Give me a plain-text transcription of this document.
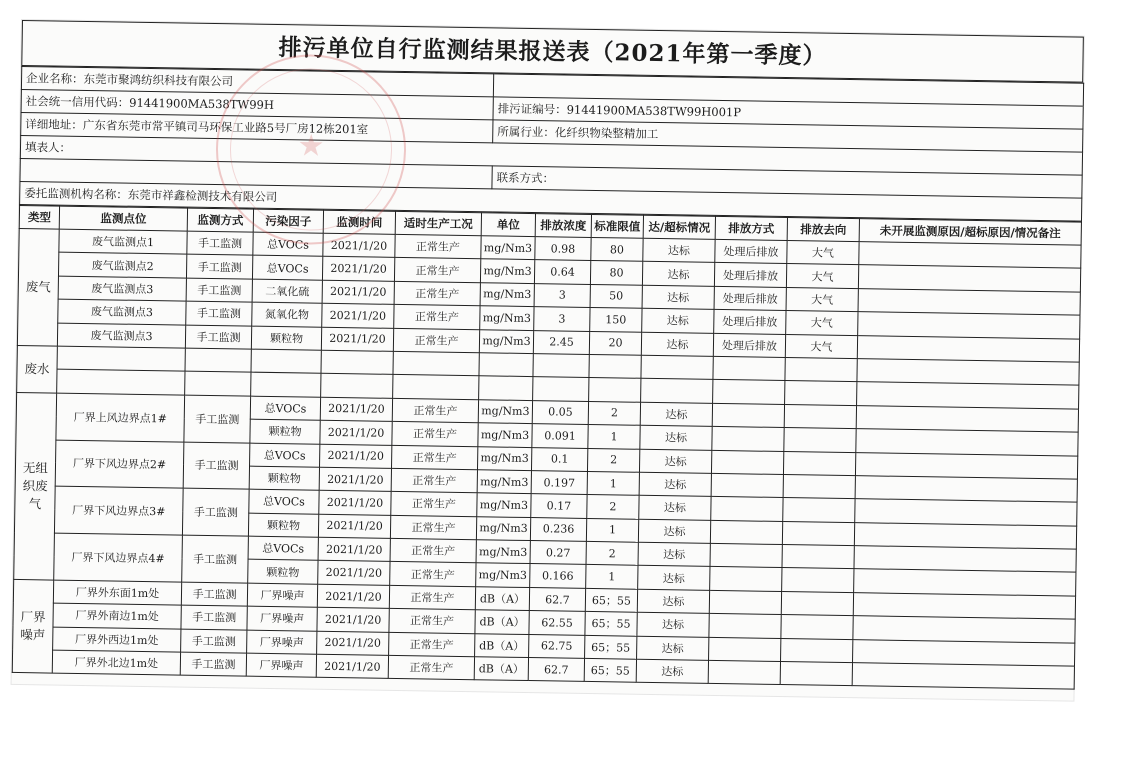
★
排污单位自行监测结果报送表（2021年第一季度）
企业名称：东莞市聚鸿纺织科技有限公司	
社会统一信用代码：91441900MA538TW99H	排污证编号：91441900MA538TW99H001P
详细地址：广东省东莞市常平镇司马环保工业路5号厂房12栋201室	所属行业：化纤织物染整精加工
填表人：	
	联系方式：
委托监测机构名称：东莞市祥鑫检测技术有限公司	
类型	监测点位	监测方式	污染因子	监测时间	适时生产工况	单位	排放浓度	标准限值	达/超标情况	排放方式	排放去向	未开展监测原因/超标原因/情况备注
废气	废气监测点1	手工监测	总VOCs	2021/1/20	正常生产	mg/Nm3	0.98	80	达标	处理后排放	大气	
	废气监测点2	手工监测	总VOCs	2021/1/20	正常生产	mg/Nm3	0.64	80	达标	处理后排放	大气	
	废气监测点3	手工监测	二氧化硫	2021/1/20	正常生产	mg/Nm3	3	50	达标	处理后排放	大气	
	废气监测点3	手工监测	氮氧化物	2021/1/20	正常生产	mg/Nm3	3	150	达标	处理后排放	大气	
	废气监测点3	手工监测	颗粒物	2021/1/20	正常生产	mg/Nm3	2.45	20	达标	处理后排放	大气	
废水												

无组织废气	厂界上风边界点1#	手工监测	总VOCs	2021/1/20	正常生产	mg/Nm3	0.05	2	达标			
			颗粒物	2021/1/20	正常生产	mg/Nm3	0.091	1	达标			
	厂界下风边界点2#	手工监测	总VOCs	2021/1/20	正常生产	mg/Nm3	0.1	2	达标			
			颗粒物	2021/1/20	正常生产	mg/Nm3	0.197	1	达标			
	厂界下风边界点3#	手工监测	总VOCs	2021/1/20	正常生产	mg/Nm3	0.17	2	达标			
			颗粒物	2021/1/20	正常生产	mg/Nm3	0.236	1	达标			
	厂界下风边界点4#	手工监测	总VOCs	2021/1/20	正常生产	mg/Nm3	0.27	2	达标			
			颗粒物	2021/1/20	正常生产	mg/Nm3	0.166	1	达标			
厂界噪声	厂界外东面1m处	手工监测	厂界噪声	2021/1/20	正常生产	dB（A）	62.7	65；55	达标			
	厂界外南边1m处	手工监测	厂界噪声	2021/1/20	正常生产	dB（A）	62.55	65；55	达标			
	厂界外西边1m处	手工监测	厂界噪声	2021/1/20	正常生产	dB（A）	62.75	65；55	达标			
	厂界外北边1m处	手工监测	厂界噪声	2021/1/20	正常生产	dB（A）	62.7	65；55	达标			
